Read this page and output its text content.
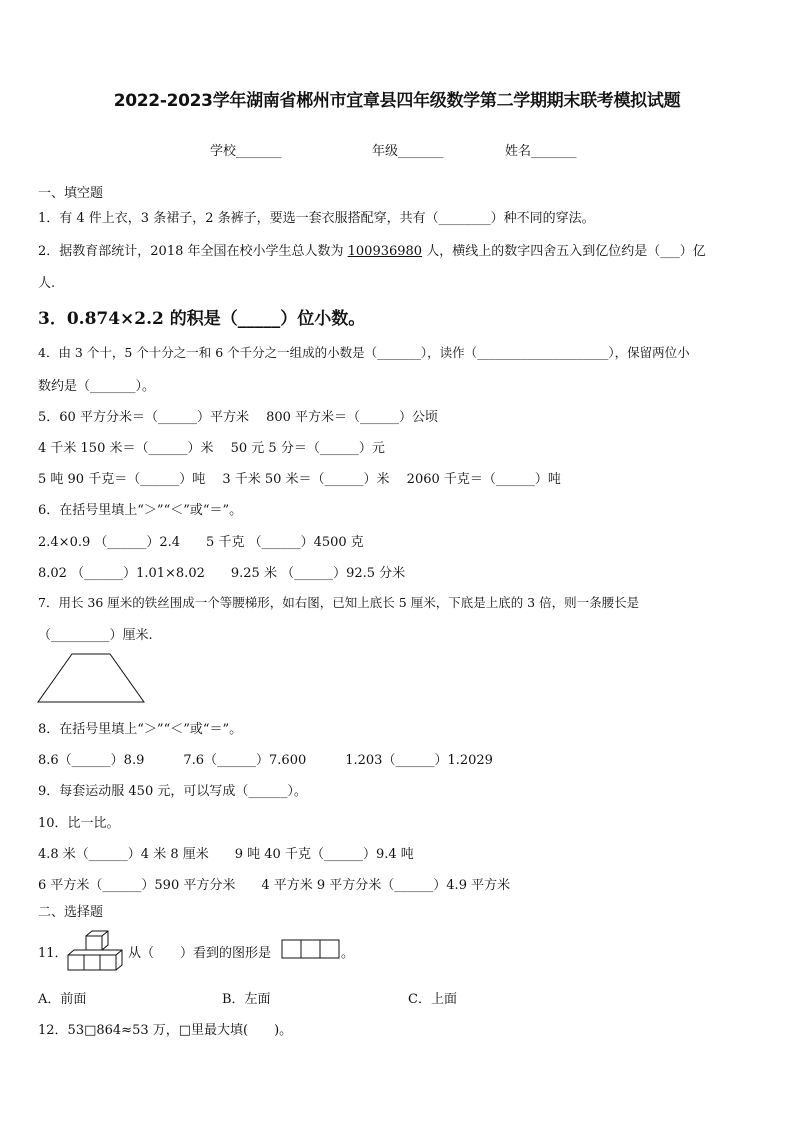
2022-2023学年湖南省郴州市宜章县四年级数学第二学期期末联考模拟试题
学校_______	年级_______	姓名_______
一、填空题
1．有 4 件上衣，3 条裙子，2 条裤子，要选一套衣服搭配穿，共有（________）种不同的穿法。
2．据教育部统计，2018 年全国在校小学生总人数为 100936980 人，横线上的数字四舍五入到亿位约是（___）亿
人.
3．0.874×2.2 的积是（_____）位小数。
4．由 3 个十，5 个十分之一和 6 个千分之一组成的小数是（_______），读作（_____________________），保留两位小
数约是（_______）。
5．60 平方分米＝（______）平方米　 800 平方米＝（______）公顷
4 千米 150 米＝（______）米　 50 元 5 分＝（______）元
5 吨 90 千克＝（______）吨　 3 千米 50 米＝（______）米　 2060 千克＝（______）吨
6．在括号里填上“＞”“＜”或“＝”。
2.4×0.9 （______）2.4　　5 千克 （______）4500 克
8.02 （______）1.01×8.02　　9.25 米 （______）92.5 分米
7．用长 36 厘米的铁丝围成一个等腰梯形，如右图，已知上底长 5 厘米，下底是上底的 3 倍，则一条腰长是
（_________）厘米.
8．在括号里填上“＞”“＜”或“＝”。
8.6（______）8.9　　　7.6（______）7.600　　　1.203（______）1.2029
9．每套运动服 450 元，可以写成（______）。
10．比一比。
4.8 米（______）4 米 8 厘米　　9 吨 40 千克（______）9.4 吨
6 平方米（______）590 平方分米　　4 平方米 9 平方分米（______）4.9 平方米
二、选择题
11．	从（　　）看到的图形是	。
A．前面	B．左面	C．上面
12．53□864≈53 万，□里最大填(　　)。
